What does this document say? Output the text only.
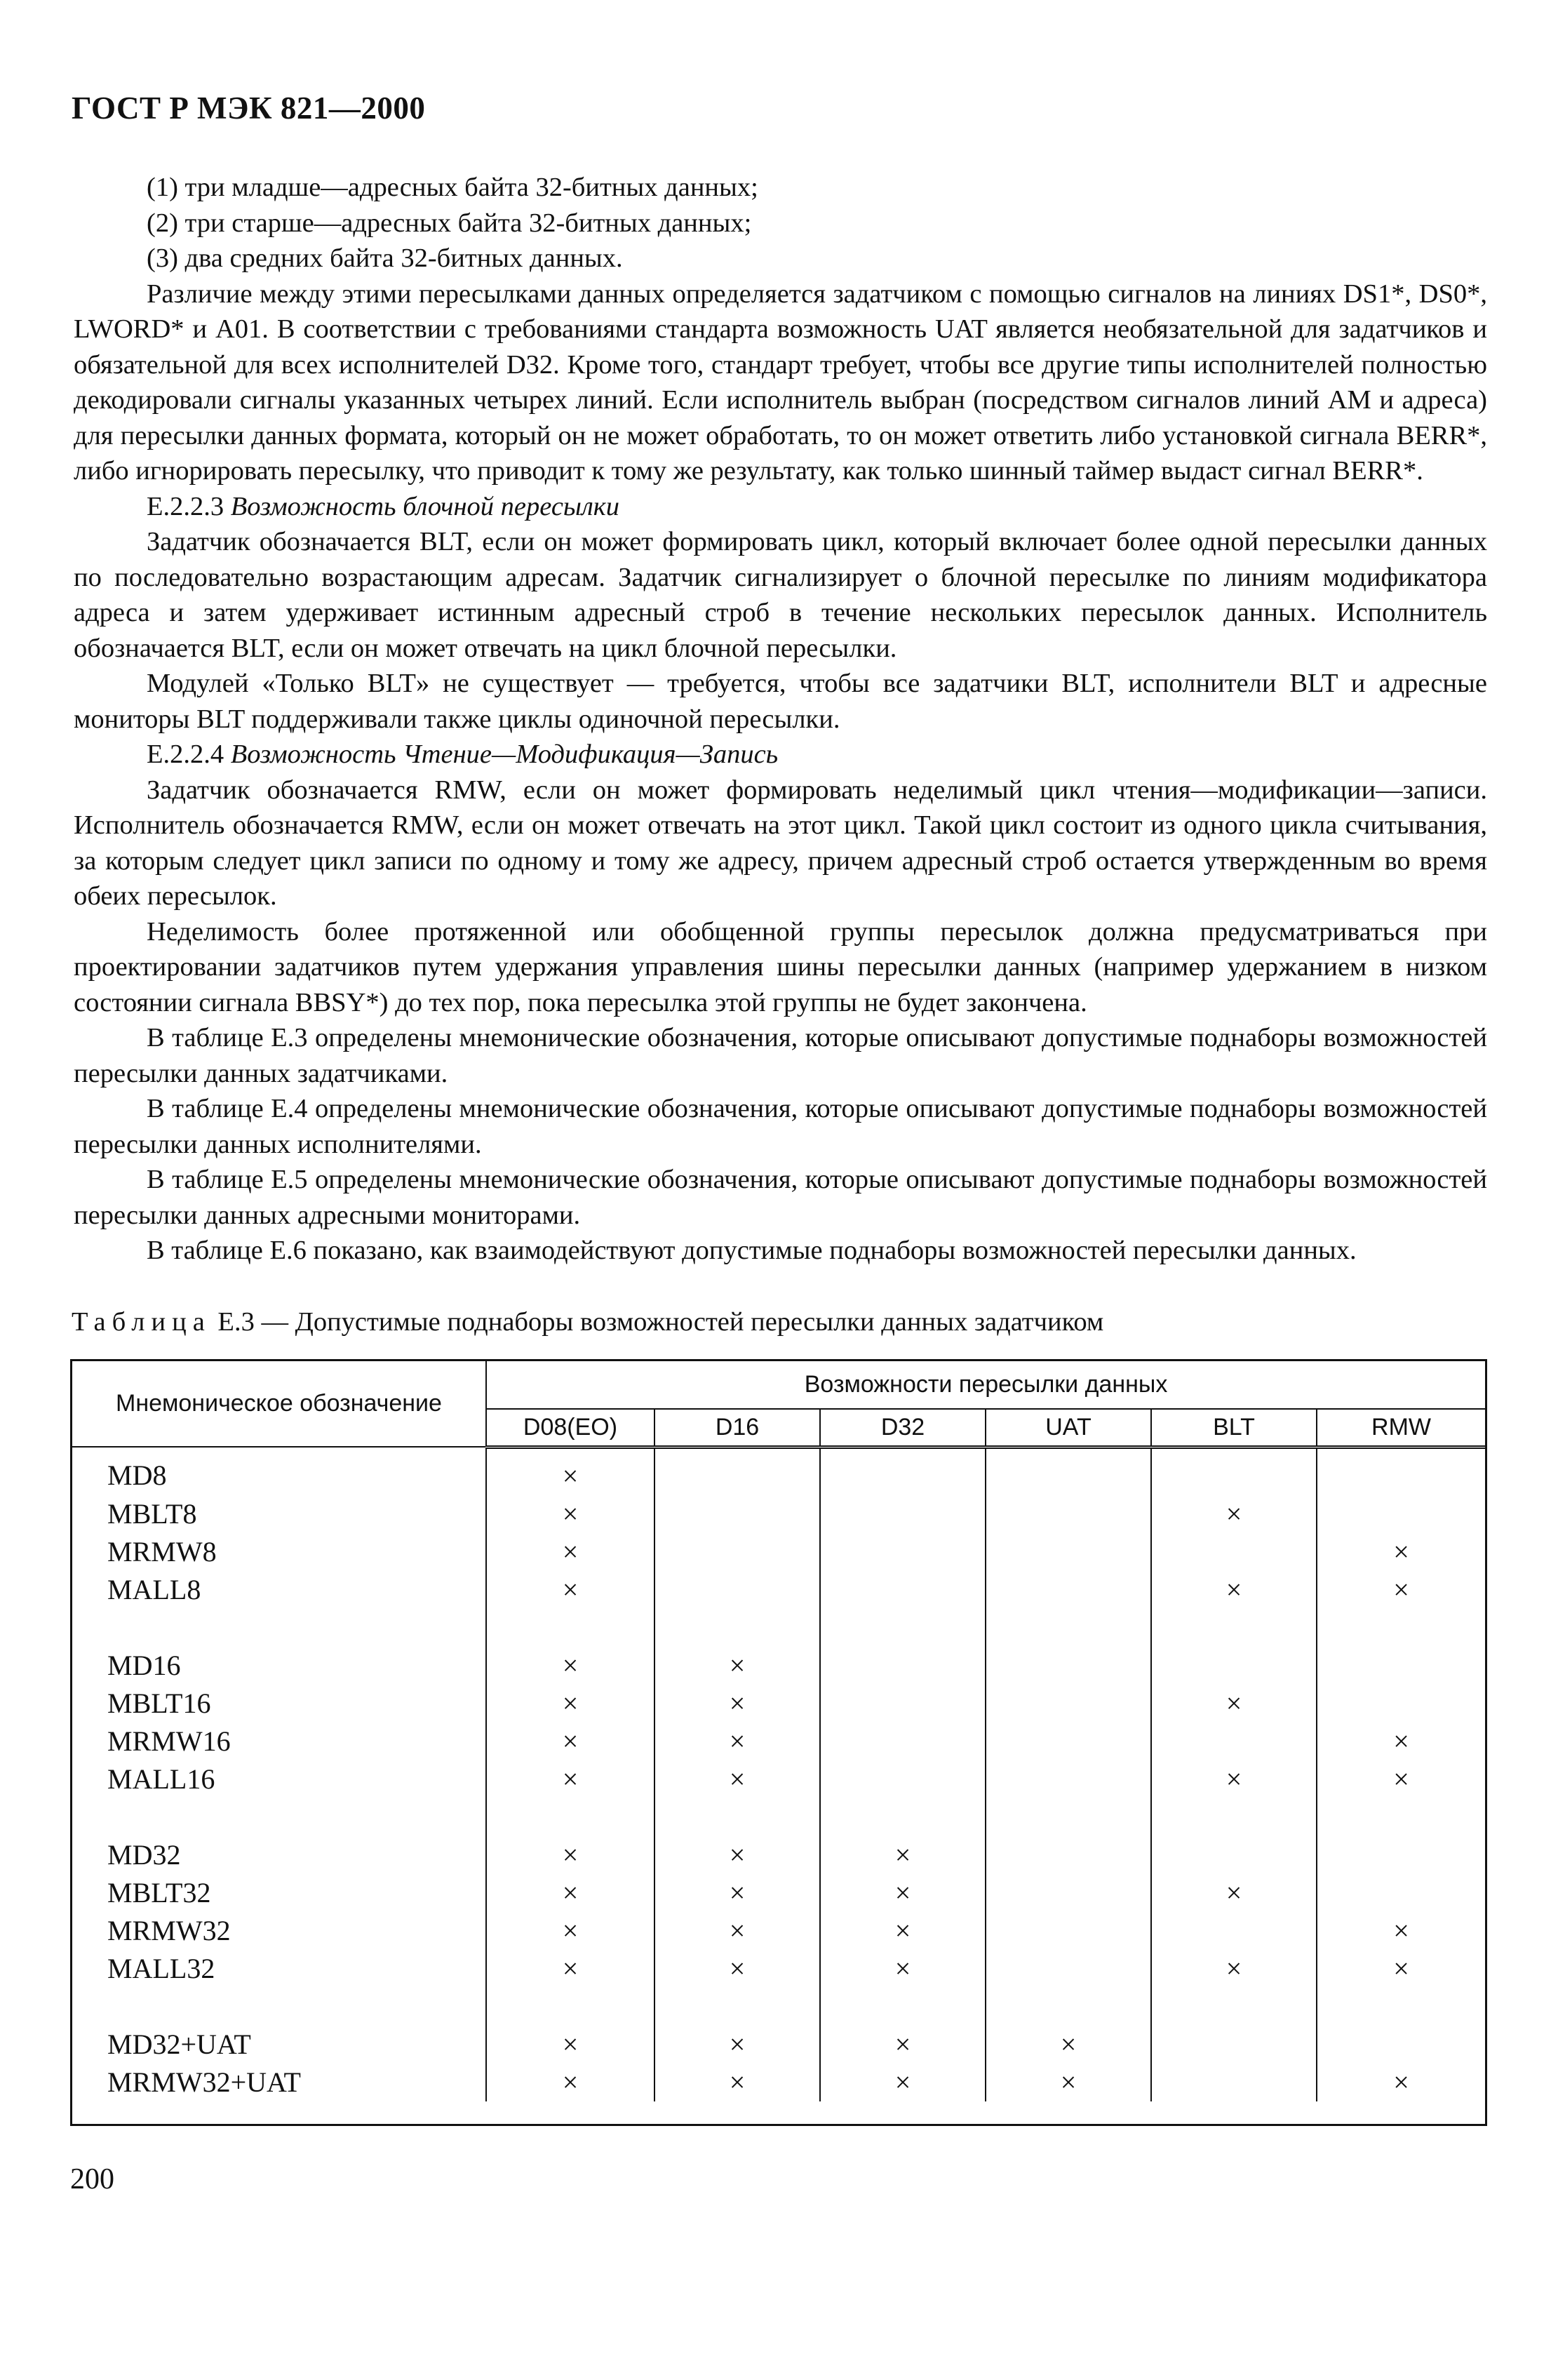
ГОСТ Р МЭК 821—2000

(1) три младше—адресных байта 32-битных данных;

(2) три старше—адресных байта 32-битных данных;

(3) два средних байта 32-битных данных.

Различие между этими пересылками данных определяется задатчиком с помощью сигналов на линиях DS1*, DS0*, LWORD* и A01. В соответствии с требованиями стандарта возможность UAT является необязательной для задатчиков и обязательной для всех исполнителей D32. Кроме того, стандарт требует, чтобы все другие типы исполнителей полностью декодировали сигналы указанных четырех линий. Если исполнитель выбран (посредством сигналов линий AM и адреса) для пересылки данных формата, который он не может обработать, то он может ответить либо установкой сигнала BERR*, либо игнорировать пересылку, что приводит к тому же результату, как только шинный таймер выдаст сигнал BERR*.

E.2.2.3 Возможность блочной пересылки

Задатчик обозначается BLT, если он может формировать цикл, который включает более одной пересылки данных по последовательно возрастающим адресам. Задатчик сигнализирует о блочной пересылке по линиям модификатора адреса и затем удерживает истинным адресный строб в течение нескольких пересылок данных. Исполнитель обозначается BLT, если он может отвечать на цикл блочной пересылки.

Модулей «Только BLT» не существует — требуется, чтобы все задатчики BLT, исполнители BLT и адресные мониторы BLT поддерживали также циклы одиночной пересылки.

E.2.2.4 Возможность Чтение—Модификация—Запись

Задатчик обозначается RMW, если он может формировать неделимый цикл чтения—модификации—записи. Исполнитель обозначается RMW, если он может отвечать на этот цикл. Такой цикл состоит из одного цикла считывания, за которым следует цикл записи по одному и тому же адресу, причем адресный строб остается утвержденным во время обеих пересылок.

Неделимость более протяженной или обобщенной группы пересылок должна предусматриваться при проектировании задатчиков путем удержания управления шины пересылки данных (например удержанием в низком состоянии сигнала BBSY*) до тех пор, пока пересылка этой группы не будет закончена.

В таблице E.3 определены мнемонические обозначения, которые описывают допустимые поднаборы возможностей пересылки данных задатчиками.

В таблице E.4 определены мнемонические обозначения, которые описывают допустимые поднаборы возможностей пересылки данных исполнителями.

В таблице E.5 определены мнемонические обозначения, которые описывают допустимые поднаборы возможностей пересылки данных адресными мониторами.

В таблице E.6 показано, как взаимодействуют допустимые поднаборы возможностей пересылки данных.

Таблица E.3 — Допустимые поднаборы возможностей пересылки данных задатчиком
Мнемоническое обозначение	Возможности пересылки данных					
	D08(EO)	D16	D32	UAT	BLT	RMW
MD8	×					
MBLT8	×				×	
MRMW8	×					×
MALL8	×				×	×

MD16	×	×				
MBLT16	×	×			×	
MRMW16	×	×				×
MALL16	×	×			×	×

MD32	×	×	×			
MBLT32	×	×	×		×	
MRMW32	×	×	×			×
MALL32	×	×	×		×	×

MD32+UAT	×	×	×	×		
MRMW32+UAT	×	×	×	×		×
200
